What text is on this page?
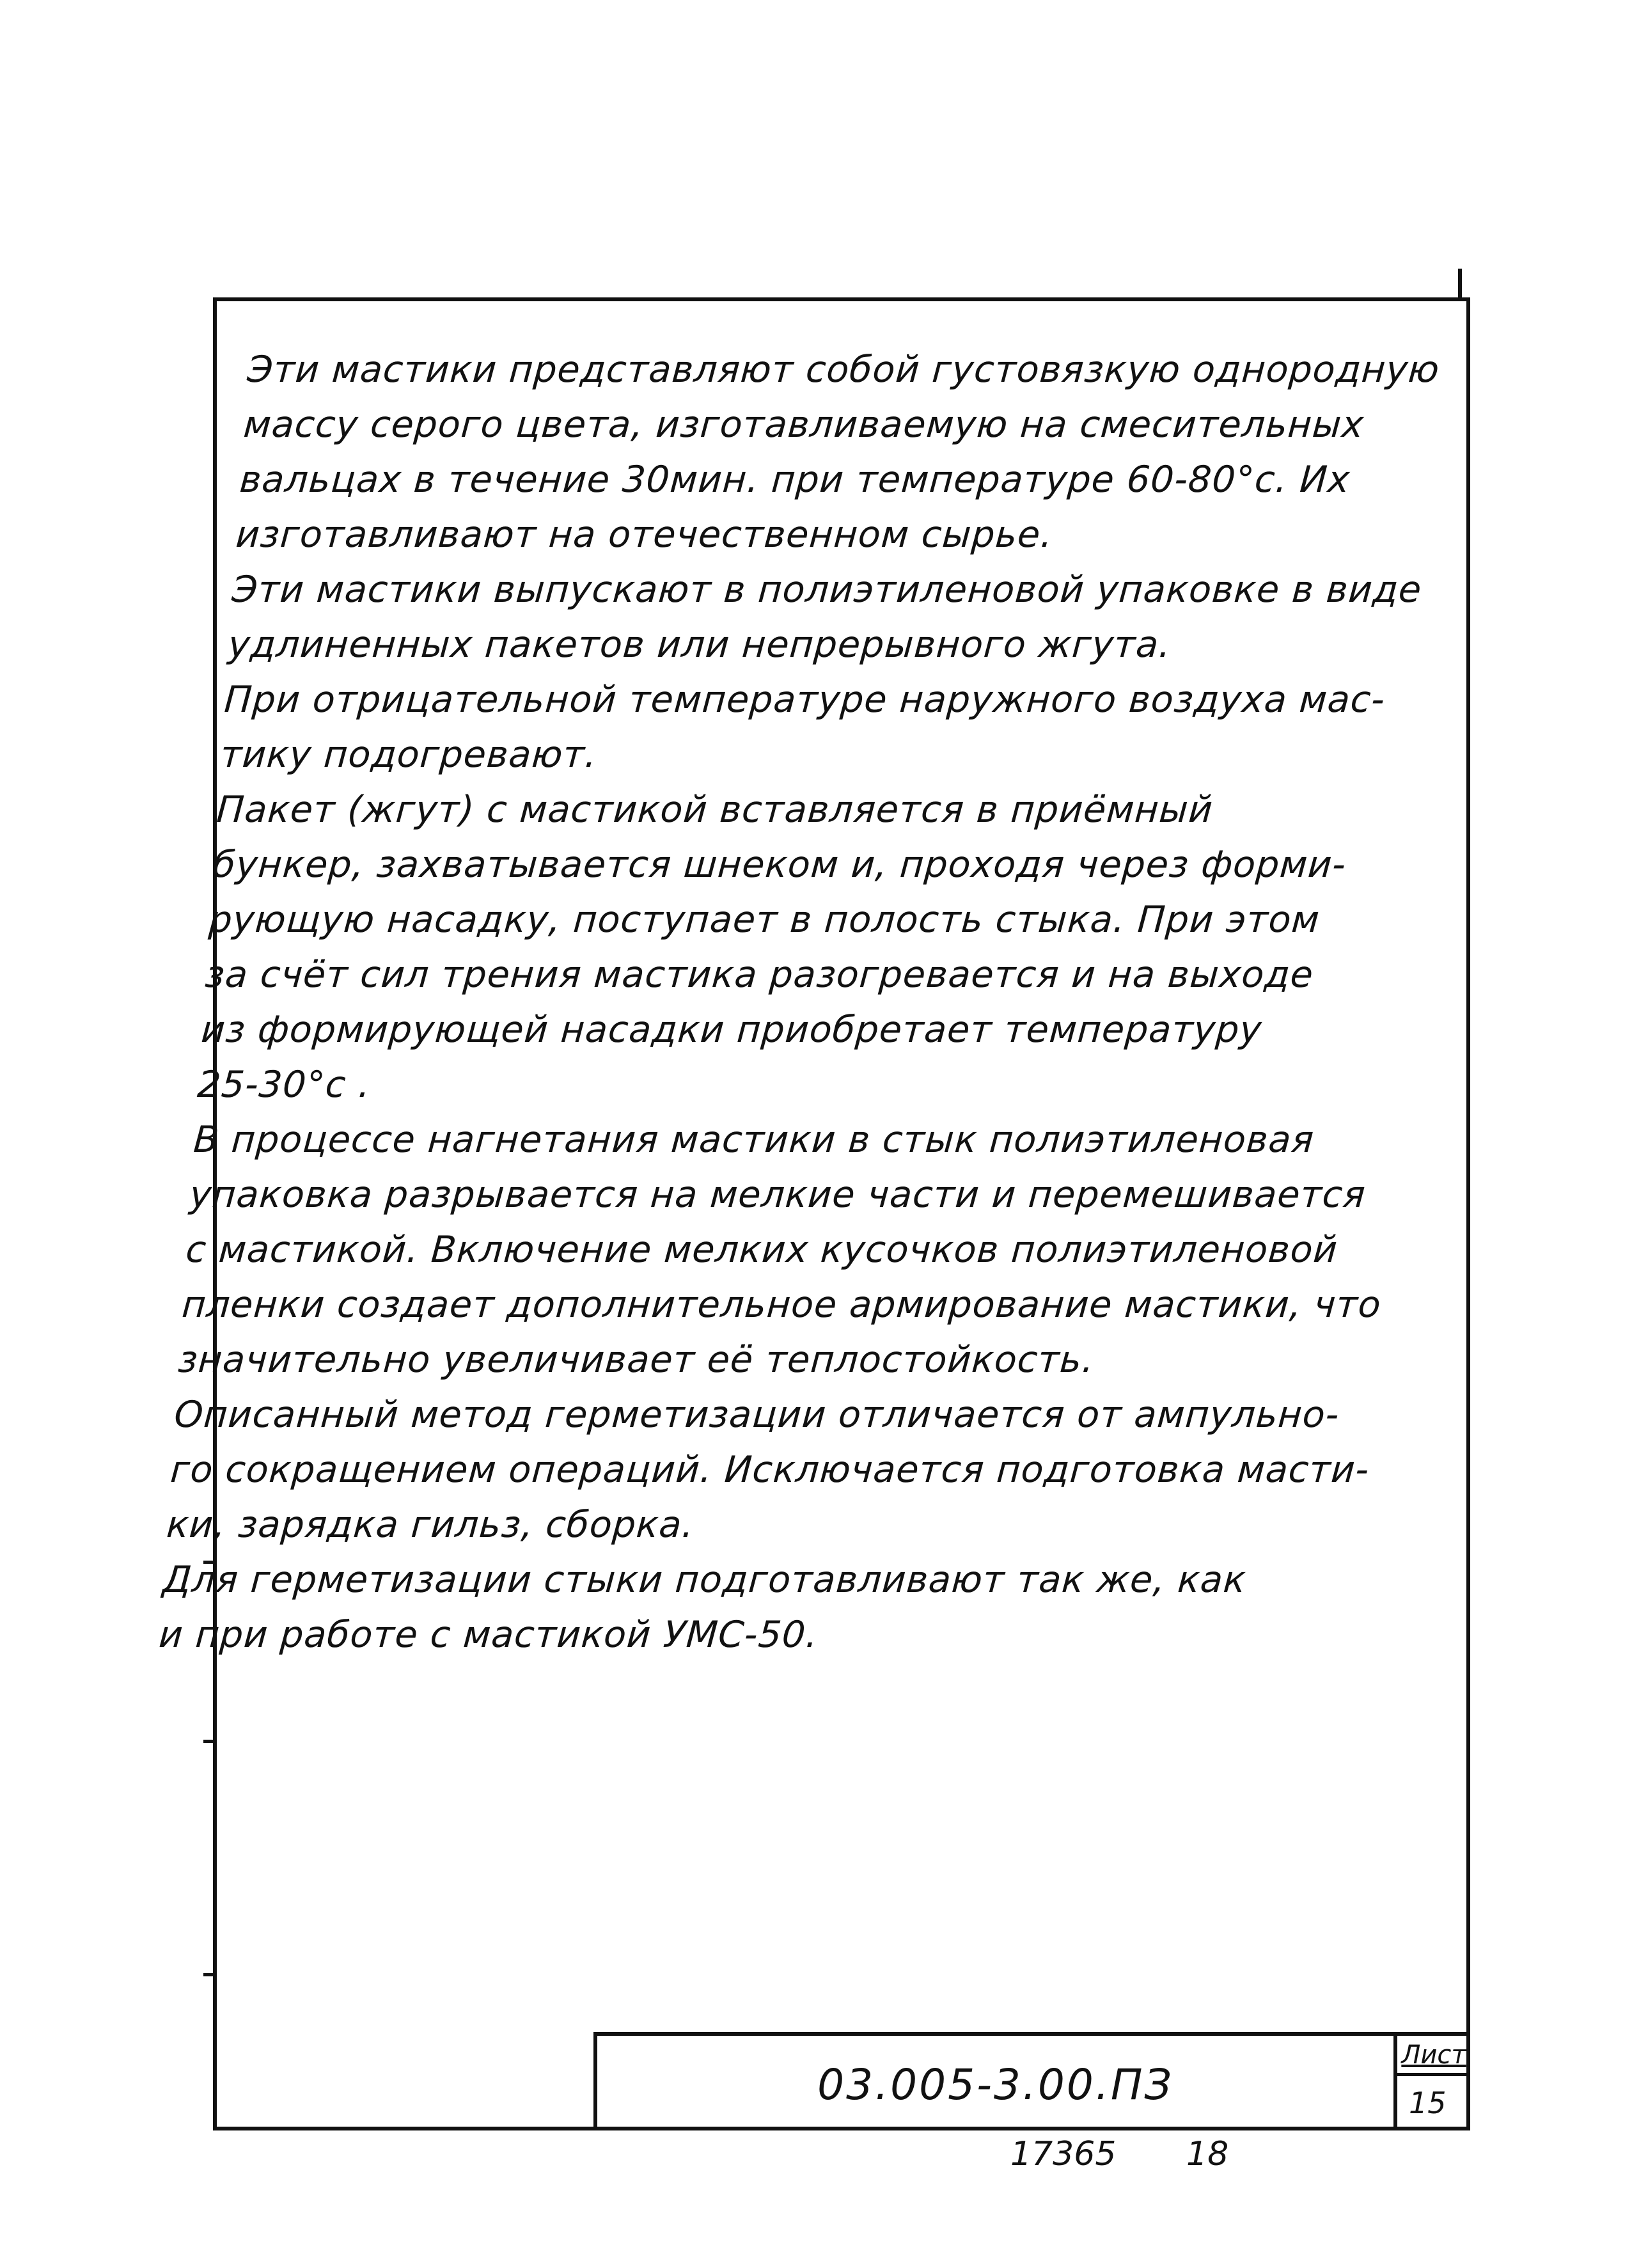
Эти мастики представляют собой густовязкую однородную
массу серого цвета, изготавливаемую на смесительных
вальцах в течение 30мин. при температуре 60-80°с. Их
изготавливают на отечественном сырье.
Эти мастики выпускают в полиэтиленовой упаковке в виде
удлиненных пакетов или непрерывного жгута.
При отрицательной температуре наружного воздуха мас-
тику подогревают.
Пакет (жгут) с мастикой вставляется в приёмный
бункер, захватывается шнеком и, проходя через форми-
рующую насадку, поступает в полость стыка. При этом
за счёт сил трения мастика разогревается и на выходе
из формирующей насадки приобретает температуру
25-30°с .
В процессе нагнетания мастики в стык полиэтиленовая
упаковка разрывается на мелкие части и перемешивается
с мастикой. Включение мелких кусочков полиэтиленовой
пленки создает дополнительное армирование мастики, что
значительно увеличивает её теплостойкость.
Описанный метод герметизации отличается от ампульно-
го сокращением операций. Исключается подготовка масти-
ки, зарядка гильз, сборка.
Для герметизации стыки подготавливают так же, как
и при работе с мастикой УМС-50.
03.005-3.00.ПЗ
Лист
15
17365 18
